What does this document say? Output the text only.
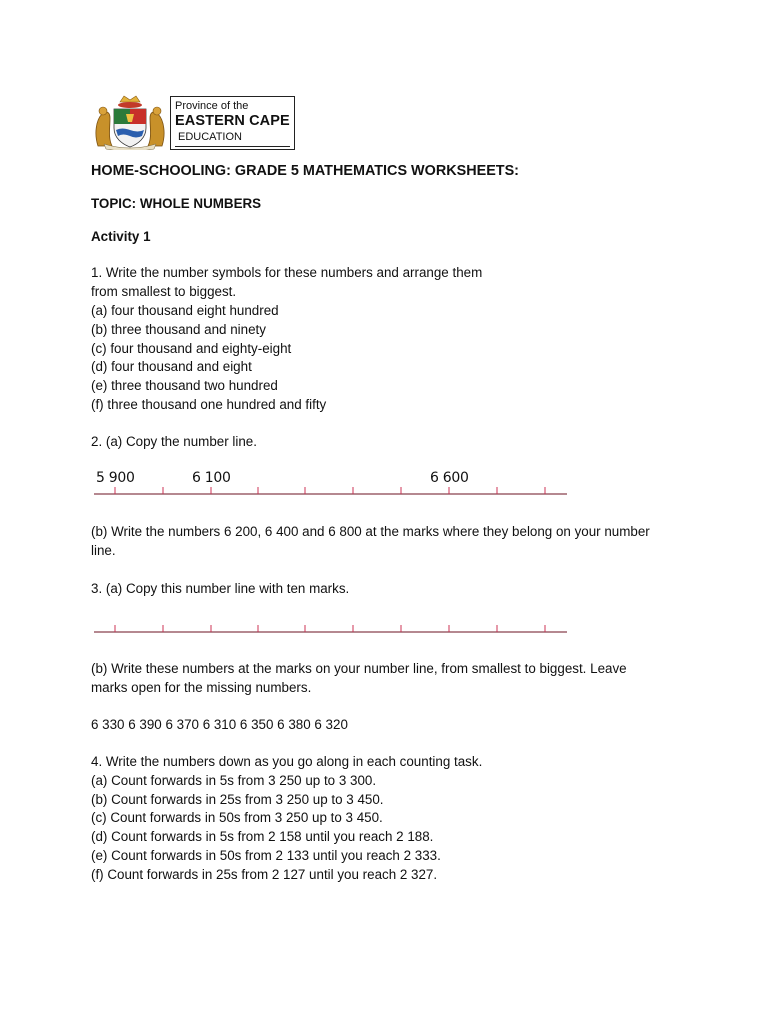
Province of the
EASTERN CAPE
EDUCATION
HOME-SCHOOLING: GRADE 5 MATHEMATICS WORKSHEETS:
TOPIC: WHOLE NUMBERS
Activity 1
1. Write the number symbols for these numbers and arrange them
from smallest to biggest.
(a) four thousand eight hundred
(b) three thousand and ninety
(c) four thousand and eighty-eight
(d) four thousand and eight
(e) three thousand two hundred
(f) three thousand one hundred and fifty
2. (a) Copy the number line.
5 900	6 100	6 600
(b) Write the numbers 6 200, 6 400 and 6 800 at the marks where they belong on your number
line.
3. (a) Copy this number line with ten marks.
(b) Write these numbers at the marks on your number line, from smallest to biggest. Leave
marks open for the missing numbers.
6 330 6 390 6 370 6 310 6 350 6 380 6 320
4. Write the numbers down as you go along in each counting task.
(a) Count forwards in 5s from 3 250 up to 3 300.
(b) Count forwards in 25s from 3 250 up to 3 450.
(c) Count forwards in 50s from 3 250 up to 3 450.
(d) Count forwards in 5s from 2 158 until you reach 2 188.
(e) Count forwards in 50s from 2 133 until you reach 2 333.
(f) Count forwards in 25s from 2 127 until you reach 2 327.
